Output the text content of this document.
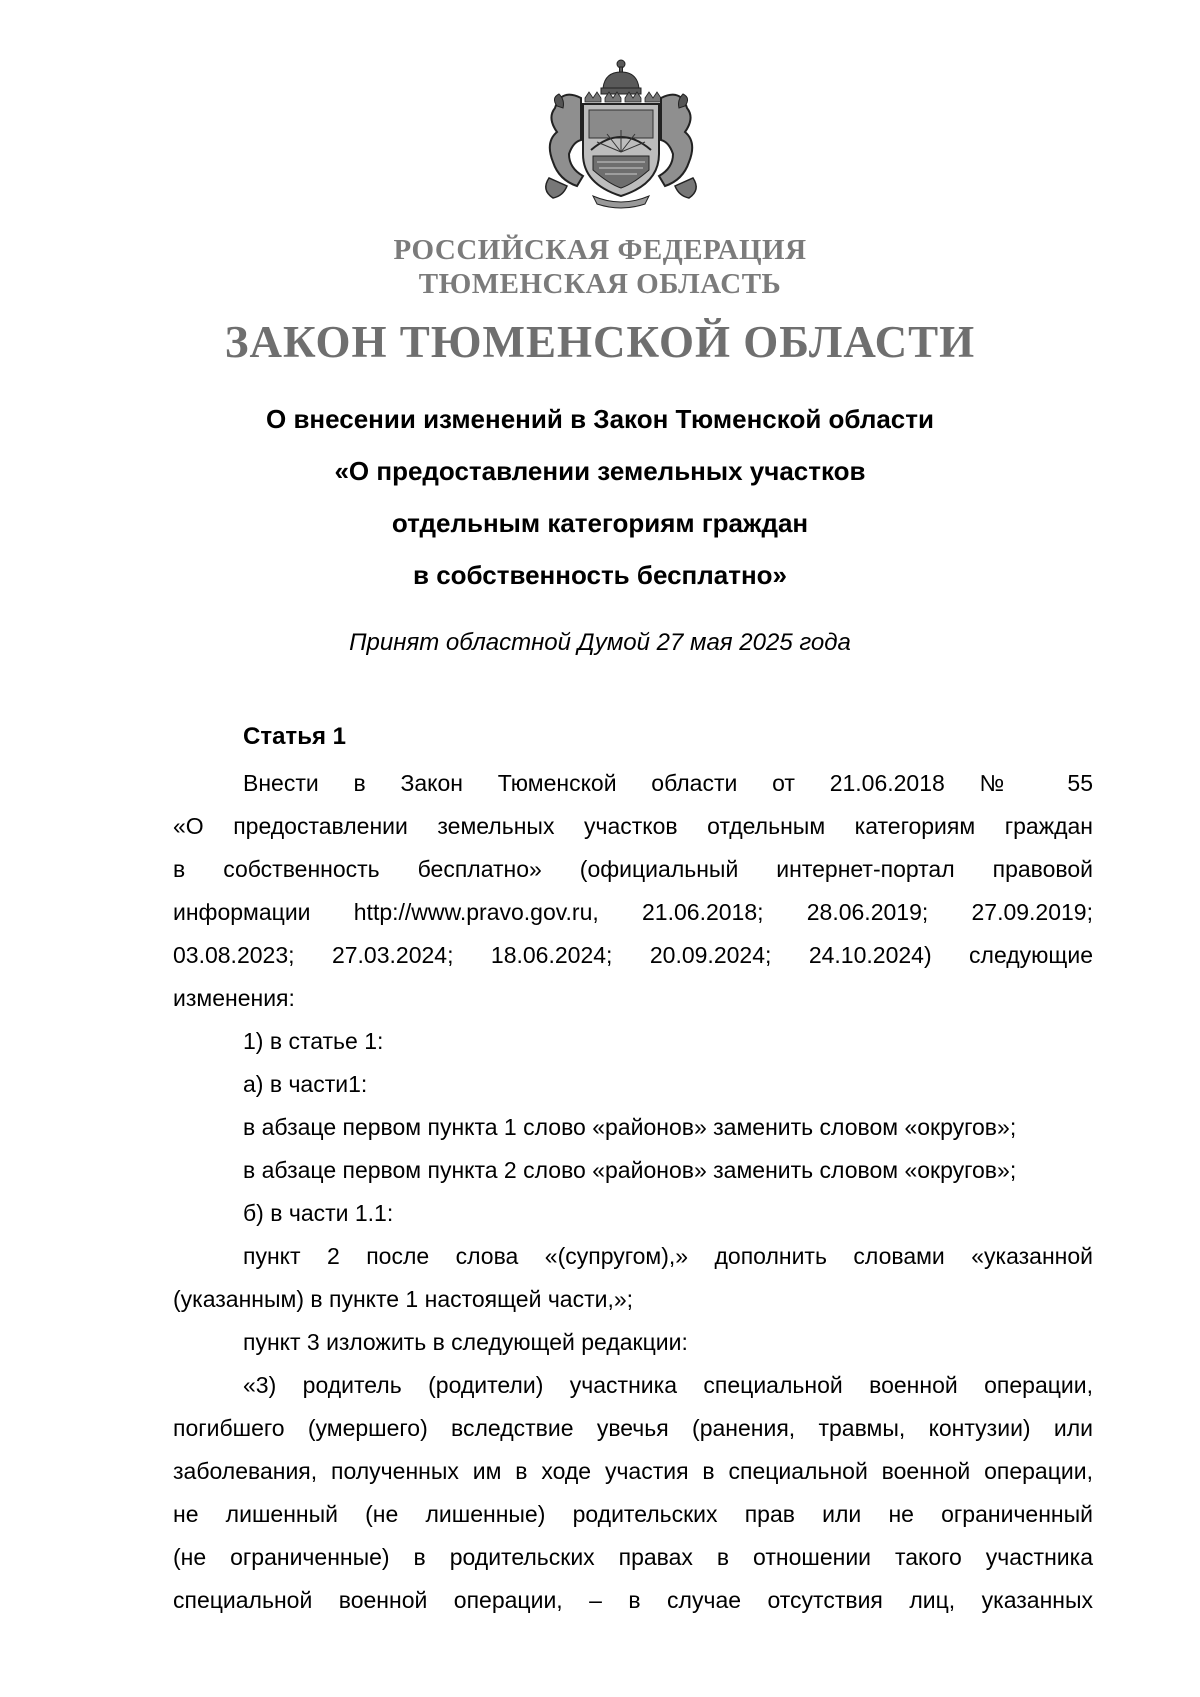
РОССИЙСКАЯ ФЕДЕРАЦИЯ
ТЮМЕНСКАЯ ОБЛАСТЬ
ЗАКОН ТЮМЕНСКОЙ ОБЛАСТИ
О внесении изменений в Закон Тюменской области
«О предоставлении земельных участков
отдельным категориям граждан
в собственность бесплатно»
Принят областной Думой 27 мая 2025 года
Статья 1
Внести в Закон Тюменской области от 21.06.2018 № 55
«О предоставлении земельных участков отдельным категориям граждан
в собственность бесплатно» (официальный интернет-портал правовой
информации http://www.pravo.gov.ru, 21.06.2018; 28.06.2019; 27.09.2019;
03.08.2023; 27.03.2024; 18.06.2024; 20.09.2024; 24.10.2024) следующие
изменения:
1) в статье 1:
а) в части1:
в абзаце первом пункта 1 слово «районов» заменить словом «округов»;
в абзаце первом пункта 2 слово «районов» заменить словом «округов»;
б) в части 1.1:
пункт 2 после слова «(супругом),» дополнить словами «указанной
(указанным) в пункте 1 настоящей части,»;
пункт 3 изложить в следующей редакции:
«3) родитель (родители) участника специальной военной операции,
погибшего (умершего) вследствие увечья (ранения, травмы, контузии) или
заболевания, полученных им в ходе участия в специальной военной операции,
не лишенный (не лишенные) родительских прав или не ограниченный
(не ограниченные) в родительских правах в отношении такого участника
специальной военной операции, – в случае отсутствия лиц, указанных
